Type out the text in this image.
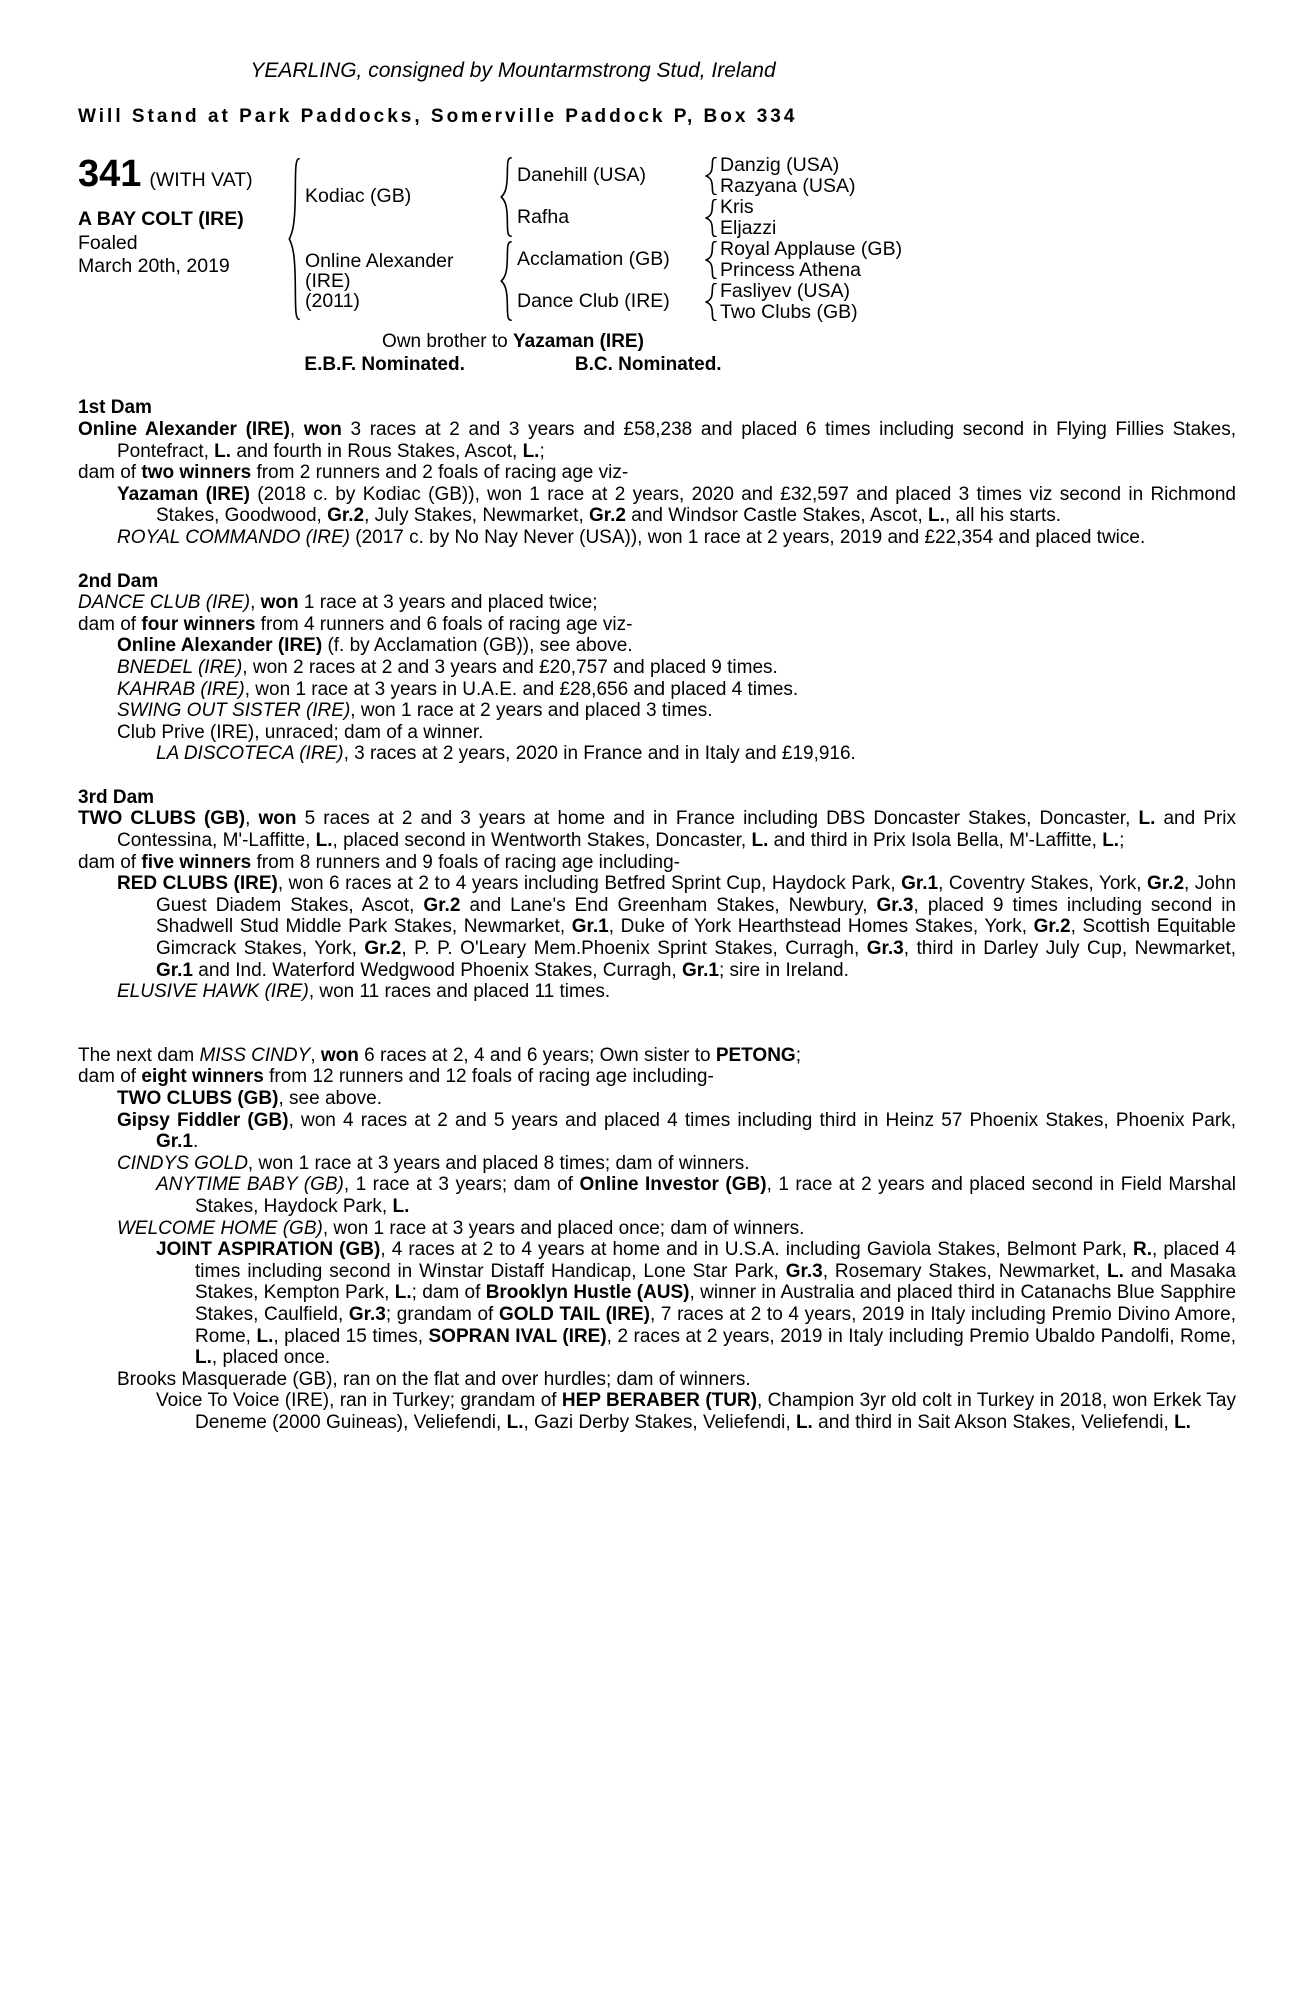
YEARLING, consigned by Mountarmstrong Stud, Ireland
Will Stand at Park Paddocks, Somerville Paddock P, Box 334
341 (WITH VAT)
A BAY COLT (IRE)
Foaled
March 20th, 2019
Kodiac (GB)
Online Alexander
(IRE)
(2011)
Danehill (USA)
Rafha
Acclamation (GB)
Dance Club (IRE)
Danzig (USA)
Razyana (USA)
Kris
Eljazzi
Royal Applause (GB)
Princess Athena
Fasliyev (USA)
Two Clubs (GB)
Own brother to Yazaman (IRE)
E.B.F. Nominated.	B.C. Nominated.
1st Dam

Online Alexander (IRE), won 3 races at 2 and 3 years and £58,238 and placed 6 times including second in Flying Fillies Stakes, Pontefract, L. and fourth in Rous Stakes, Ascot, L.;

dam of two winners from 2 runners and 2 foals of racing age viz-

Yazaman (IRE) (2018 c. by Kodiac (GB)), won 1 race at 2 years, 2020 and £32,597 and placed 3 times viz second in Richmond Stakes, Goodwood, Gr.2, July Stakes, Newmarket, Gr.2 and Windsor Castle Stakes, Ascot, L., all his starts.

ROYAL COMMANDO (IRE) (2017 c. by No Nay Never (USA)), won 1 race at 2 years, 2019 and £22,354 and placed twice.

2nd Dam

DANCE CLUB (IRE), won 1 race at 3 years and placed twice;

dam of four winners from 4 runners and 6 foals of racing age viz-

Online Alexander (IRE) (f. by Acclamation (GB)), see above.

BNEDEL (IRE), won 2 races at 2 and 3 years and £20,757 and placed 9 times.

KAHRAB (IRE), won 1 race at 3 years in U.A.E. and £28,656 and placed 4 times.

SWING OUT SISTER (IRE), won 1 race at 2 years and placed 3 times.

Club Prive (IRE), unraced; dam of a winner.

LA DISCOTECA (IRE), 3 races at 2 years, 2020 in France and in Italy and £19,916.

3rd Dam

TWO CLUBS (GB), won 5 races at 2 and 3 years at home and in France including DBS Doncaster Stakes, Doncaster, L. and Prix Contessina, M'-Laffitte, L., placed second in Wentworth Stakes, Doncaster, L. and third in Prix Isola Bella, M'-Laffitte, L.;

dam of five winners from 8 runners and 9 foals of racing age including-

RED CLUBS (IRE), won 6 races at 2 to 4 years including Betfred Sprint Cup, Haydock Park, Gr.1, Coventry Stakes, York, Gr.2, John Guest Diadem Stakes, Ascot, Gr.2 and Lane's End Greenham Stakes, Newbury, Gr.3, placed 9 times including second in Shadwell Stud Middle Park Stakes, Newmarket, Gr.1, Duke of York Hearthstead Homes Stakes, York, Gr.2, Scottish Equitable Gimcrack Stakes, York, Gr.2, P. P. O'Leary Mem.Phoenix Sprint Stakes, Curragh, Gr.3, third in Darley July Cup, Newmarket, Gr.1 and Ind. Waterford Wedgwood Phoenix Stakes, Curragh, Gr.1; sire in Ireland.

ELUSIVE HAWK (IRE), won 11 races and placed 11 times.

The next dam MISS CINDY, won 6 races at 2, 4 and 6 years; Own sister to PETONG;

dam of eight winners from 12 runners and 12 foals of racing age including-

TWO CLUBS (GB), see above.

Gipsy Fiddler (GB), won 4 races at 2 and 5 years and placed 4 times including third in Heinz 57 Phoenix Stakes, Phoenix Park, Gr.1.

CINDYS GOLD, won 1 race at 3 years and placed 8 times; dam of winners.

ANYTIME BABY (GB), 1 race at 3 years; dam of Online Investor (GB), 1 race at 2 years and placed second in Field Marshal Stakes, Haydock Park, L.

WELCOME HOME (GB), won 1 race at 3 years and placed once; dam of winners.

JOINT ASPIRATION (GB), 4 races at 2 to 4 years at home and in U.S.A. including Gaviola Stakes, Belmont Park, R., placed 4 times including second in Winstar Distaff Handicap, Lone Star Park, Gr.3, Rosemary Stakes, Newmarket, L. and Masaka Stakes, Kempton Park, L.; dam of Brooklyn Hustle (AUS), winner in Australia and placed third in Catanachs Blue Sapphire Stakes, Caulfield, Gr.3; grandam of GOLD TAIL (IRE), 7 races at 2 to 4 years, 2019 in Italy including Premio Divino Amore, Rome, L., placed 15 times, SOPRAN IVAL (IRE), 2 races at 2 years, 2019 in Italy including Premio Ubaldo Pandolfi, Rome, L., placed once.

Brooks Masquerade (GB), ran on the flat and over hurdles; dam of winners.

Voice To Voice (IRE), ran in Turkey; grandam of HEP BERABER (TUR), Champion 3yr old colt in Turkey in 2018, won Erkek Tay Deneme (2000 Guineas), Veliefendi, L., Gazi Derby Stakes, Veliefendi, L. and third in Sait Akson Stakes, Veliefendi, L.
